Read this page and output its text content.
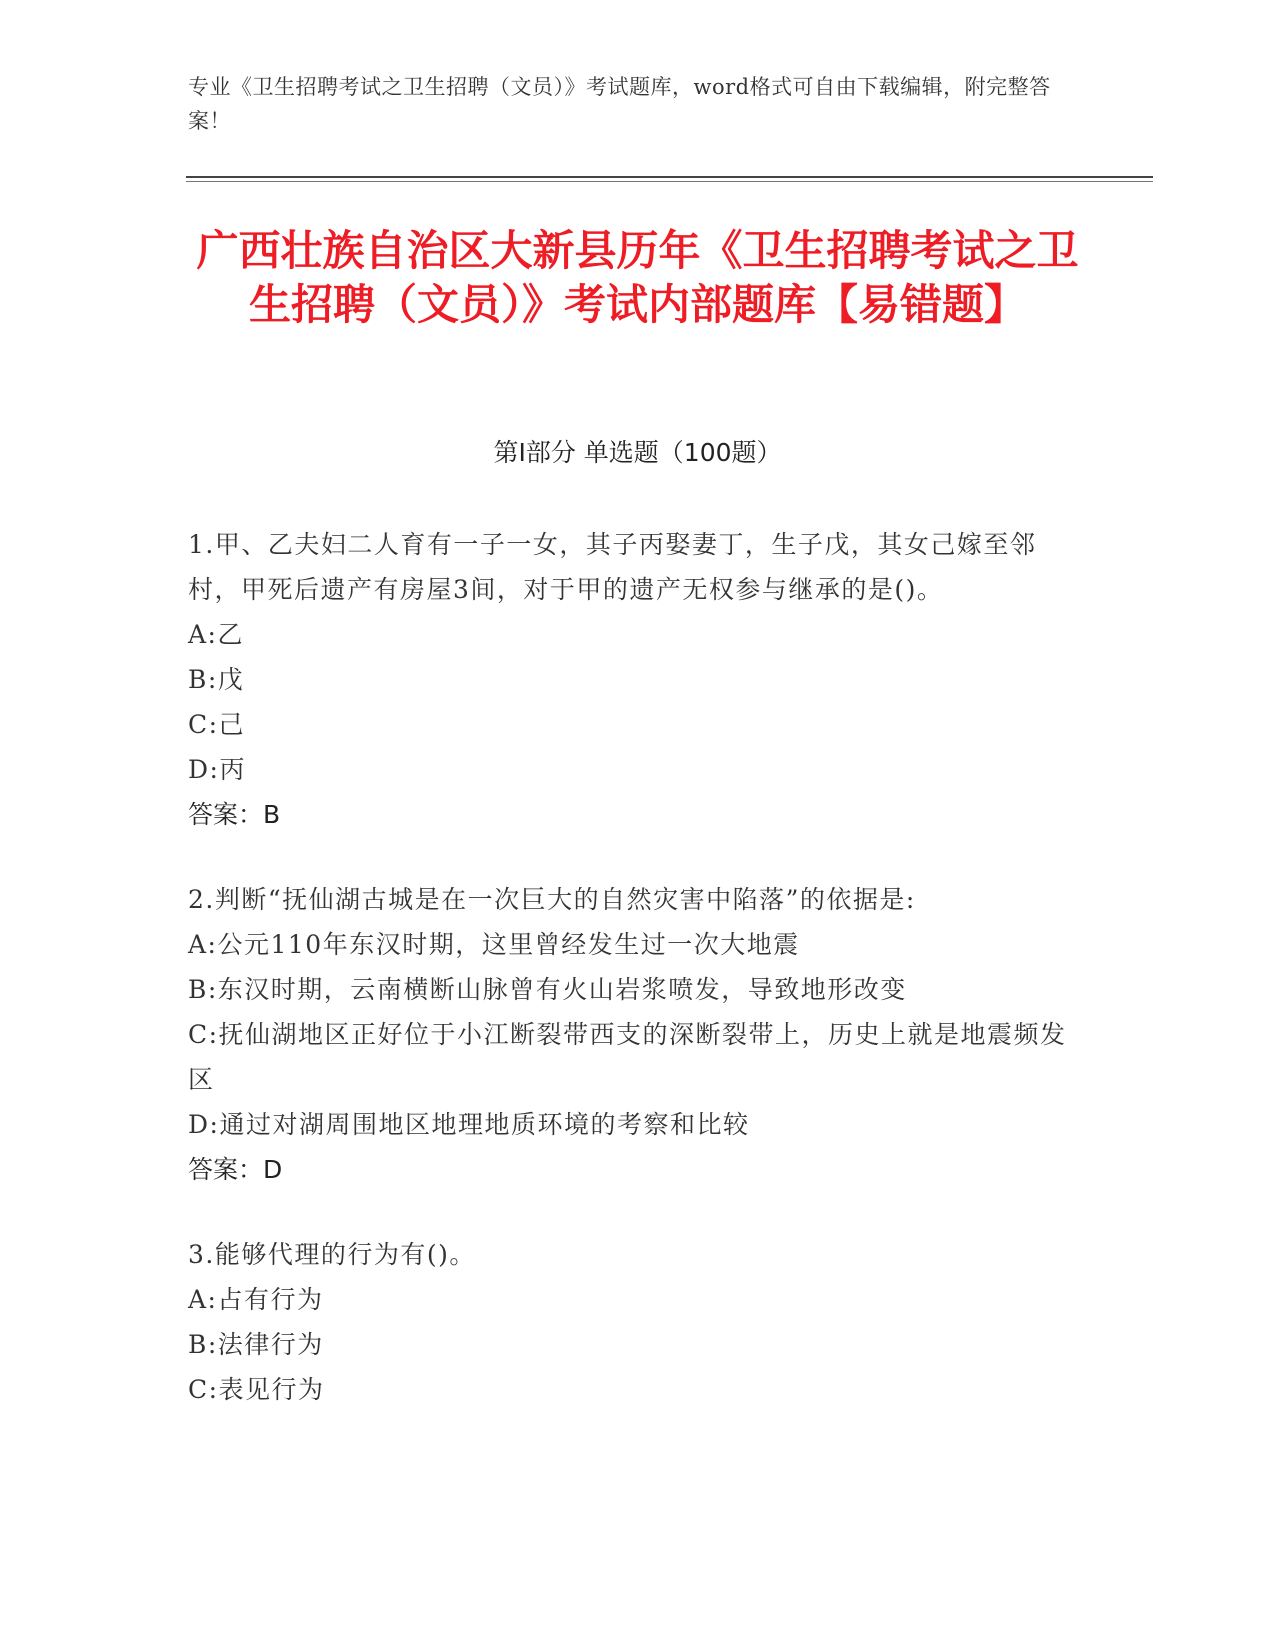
专业《卫生招聘考试之卫生招聘（文员）》考试题库，word格式可自由下载编辑，附完整答案！
广西壮族自治区大新县历年《卫生招聘考试之卫生招聘（文员）》考试内部题库【易错题】
第I部分 单选题（100题）

1.甲、乙夫妇二人育有一子一女，其子丙娶妻丁，生子戊，其女己嫁至邻村，甲死后遗产有房屋3间，对于甲的遗产无权参与继承的是()。

A:乙

B:戊

C:己

D:丙

答案：B

2.判断“抚仙湖古城是在一次巨大的自然灾害中陷落”的依据是:

A:公元110年东汉时期，这里曾经发生过一次大地震

B:东汉时期，云南横断山脉曾有火山岩浆喷发，导致地形改变

C:抚仙湖地区正好位于小江断裂带西支的深断裂带上，历史上就是地震频发区

D:通过对湖周围地区地理地质环境的考察和比较

答案：D

3.能够代理的行为有()。

A:占有行为

B:法律行为

C:表见行为
